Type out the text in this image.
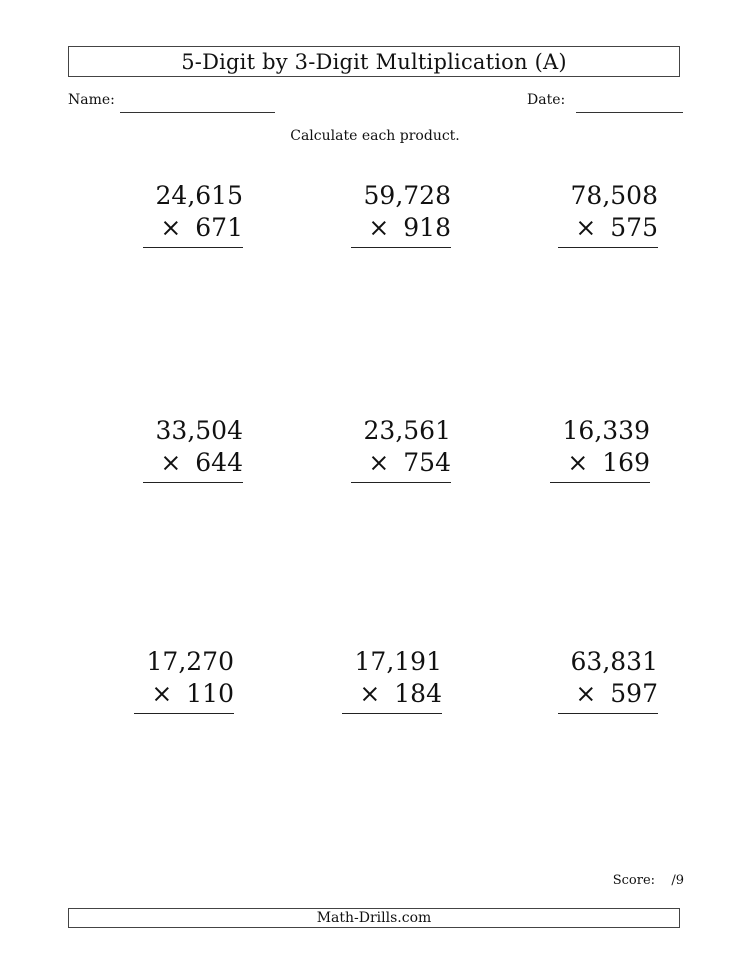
5-Digit by 3-Digit Multiplication (A)
Name:	Date:
Calculate each product.
24,615
× 671
59,728
× 918
78,508
× 575
33,504
× 644
23,561
× 754
16,339
× 169
17,270
× 110
17,191
× 184
63,831
× 597
Score: /9
Math-Drills.com
